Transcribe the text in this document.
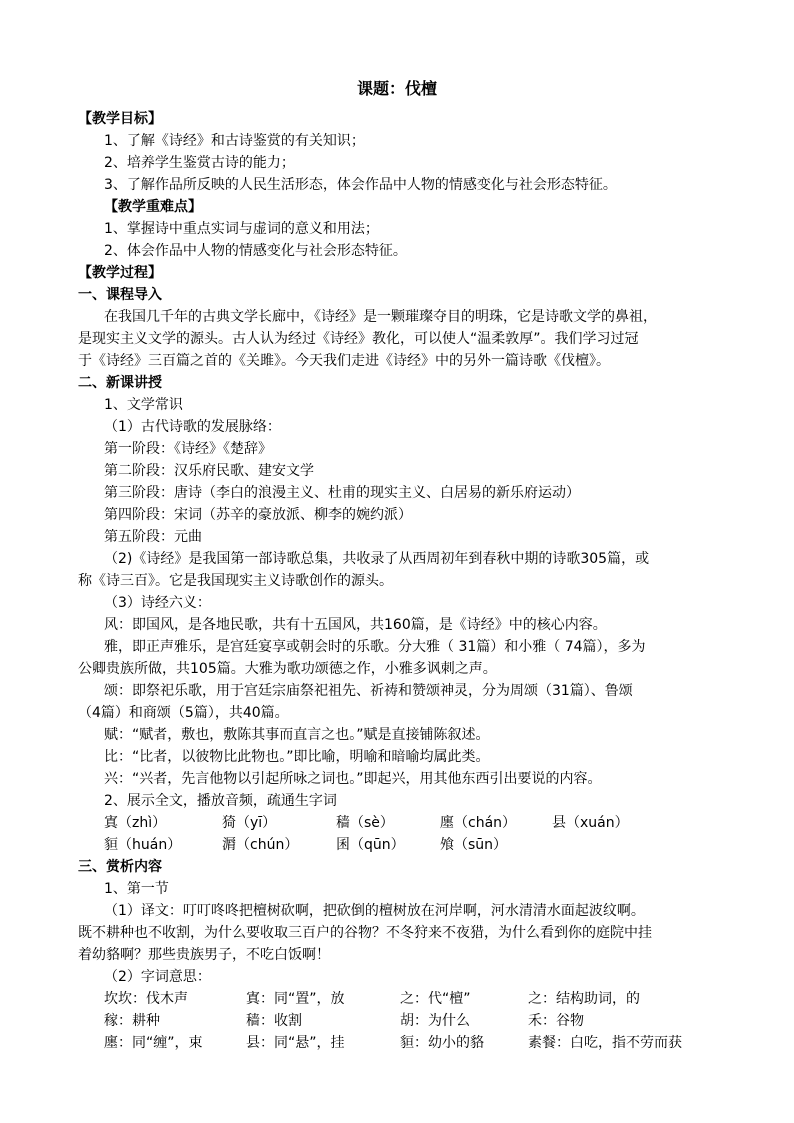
课题：伐檀
【教学目标】
1、了解《诗经》和古诗鉴赏的有关知识；
2、培养学生鉴赏古诗的能力；
3、了解作品所反映的人民生活形态，体会作品中人物的情感变化与社会形态特征。
【教学重难点】
1、掌握诗中重点实词与虚词的意义和用法；
2、体会作品中人物的情感变化与社会形态特征。
【教学过程】
一、课程导入
在我国几千年的古典文学长廊中，《诗经》是一颗璀璨夺目的明珠，它是诗歌文学的鼻祖，
是现实主义文学的源头。古人认为经过《诗经》教化，可以使人“温柔敦厚”。我们学习过冠
于《诗经》三百篇之首的《关雎》。今天我们走进《诗经》中的另外一篇诗歌《伐檀》。
二、新课讲授
1、文学常识
（1）古代诗歌的发展脉络：
第一阶段：《诗经》《楚辞》
第二阶段：汉乐府民歌、建安文学
第三阶段：唐诗（李白的浪漫主义、杜甫的现实主义、白居易的新乐府运动）
第四阶段：宋词（苏辛的豪放派、柳李的婉约派）
第五阶段：元曲
（2)《诗经》是我国第一部诗歌总集，共收录了从西周初年到春秋中期的诗歌305篇，或
称《诗三百》。它是我国现实主义诗歌创作的源头。
（3）诗经六义：
风：即国风，是各地民歌，共有十五国风，共160篇，是《诗经》中的核心内容。
雅，即正声雅乐，是宫廷宴享或朝会时的乐歌。分大雅（ 31篇）和小雅（ 74篇），多为
公卿贵族所做，共105篇。大雅为歌功颂德之作，小雅多讽刺之声。
颂：即祭祀乐歌，用于宫廷宗庙祭祀祖先、祈祷和赞颂神灵，分为周颂（31篇）、鲁颂
（4篇）和商颂（5篇），共40篇。
赋：“赋者，敷也，敷陈其事而直言之也。”赋是直接铺陈叙述。
比：“比者，以彼物比此物也。”即比喻，明喻和暗喻均属此类。
兴：“兴者，先言他物以引起所咏之词也。”即起兴，用其他东西引出要说的内容。
2、展示全文，播放音频，疏通生字词
寘（zhì）	猗（yī）	穑（sè）	廛（chán）	县（xuán）
貆（huán）	漘（chún）	囷（qūn）	飧（sūn）
三、赏析内容
1、第一节
（1）译文：叮叮咚咚把檀树砍啊，把砍倒的檀树放在河岸啊，河水清清水面起波纹啊。
既不耕种也不收割，为什么要收取三百户的谷物？不冬狩来不夜猎，为什么看到你的庭院中挂
着幼貉啊？那些贵族男子，不吃白饭啊！
（2）字词意思：
坎坎：伐木声	寘：同“置”，放	之：代“檀”	之：结构助词，的
稼：耕种	穑：收割	胡：为什么	禾：谷物
廛：同“缠”，束	县：同“悬”，挂	貆：幼小的貉	素餐：白吃，指不劳而获
